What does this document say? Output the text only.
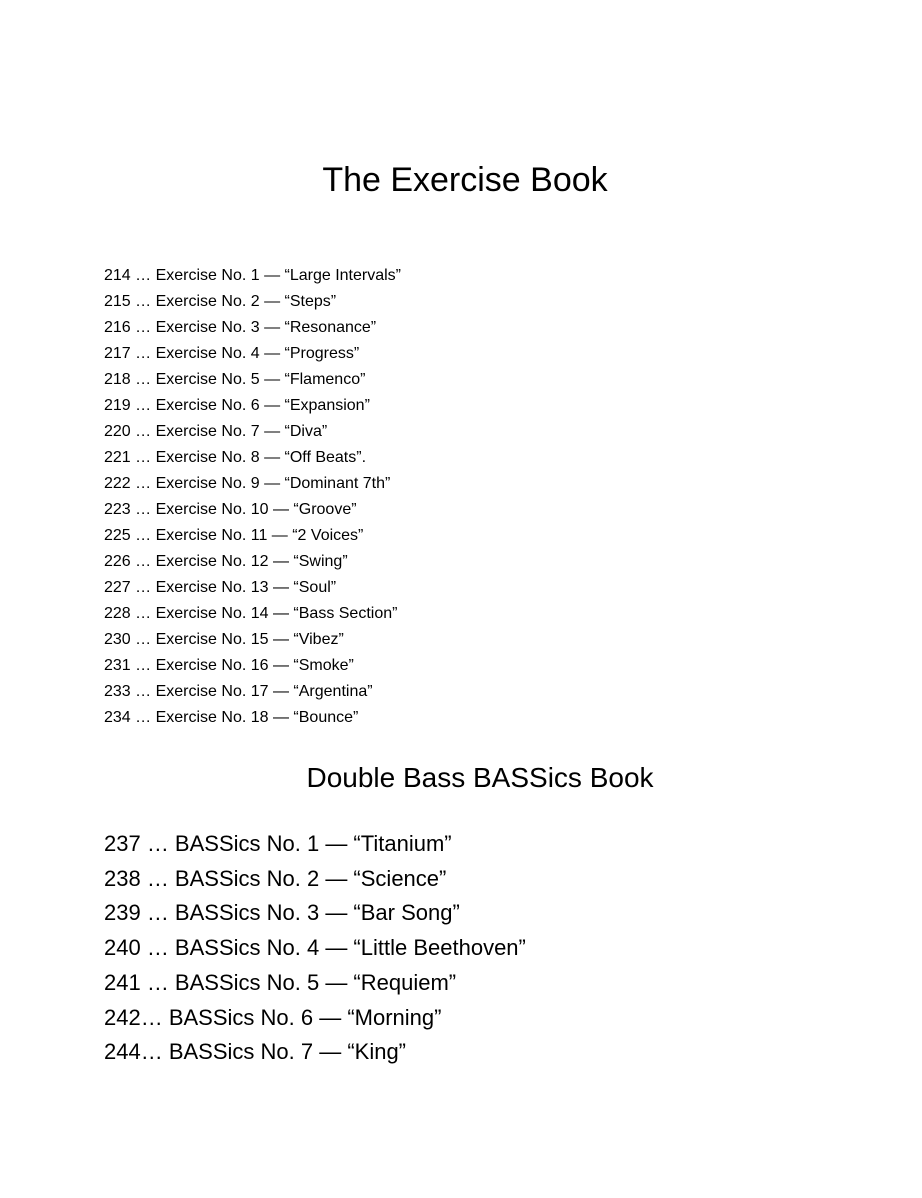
The Exercise Book
214 … Exercise No. 1 — “Large Intervals”
215 … Exercise No. 2 — “Steps”
216 … Exercise No. 3 — “Resonance”
217 … Exercise No. 4 — “Progress”
218 … Exercise No. 5 — “Flamenco”
219 … Exercise No. 6 — “Expansion”
220 … Exercise No. 7 — “Diva”
221 … Exercise No. 8 — “Off Beats”.
222 … Exercise No. 9 — “Dominant 7th”
223 … Exercise No. 10 — “Groove”
225 … Exercise No. 11 — “2 Voices”
226 … Exercise No. 12 — “Swing”
227 … Exercise No. 13 — “Soul”
228 … Exercise No. 14 — “Bass Section”
230 … Exercise No. 15 — “Vibez”
231 … Exercise No. 16 — “Smoke”
233 … Exercise No. 17 — “Argentina”
234 … Exercise No. 18 — “Bounce”
Double Bass BASSics Book
237 … BASSics No. 1 — “Titanium”
238 … BASSics No. 2 — “Science”
239 … BASSics No. 3 — “Bar Song”
240 … BASSics No. 4 — “Little Beethoven”
241 … BASSics No. 5 — “Requiem”
242… BASSics No. 6 — “Morning”
244… BASSics No. 7 — “King”
